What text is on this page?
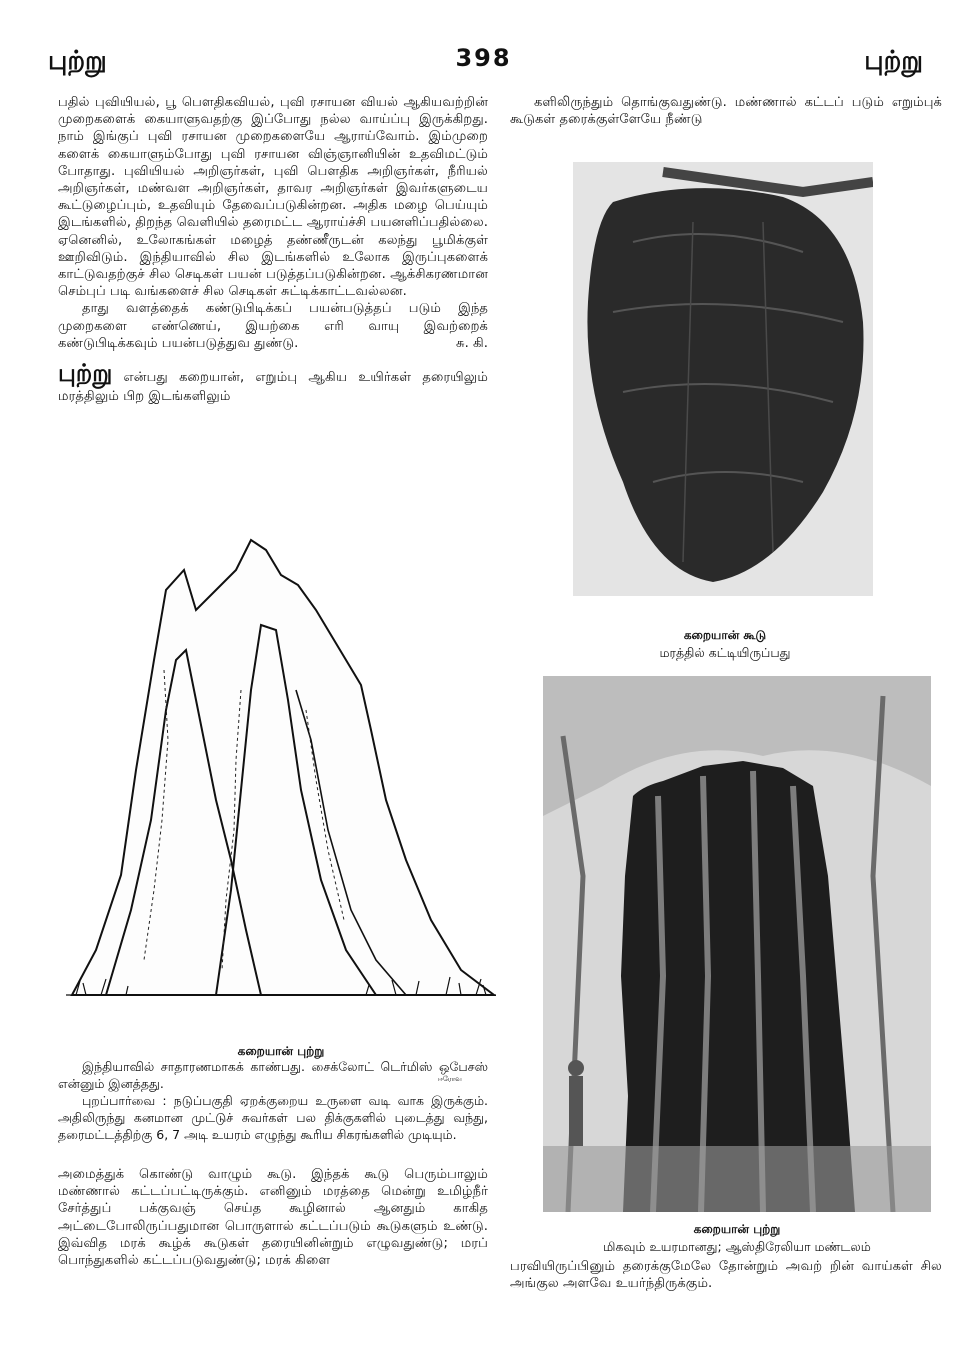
புற்று	398	புற்று

பதில் புவியியல், பூ பௌதிகவியல், புவி ரசாயன வியல் ஆகியவற்றின் முறைகளைக் கையாளுவதற்கு இப்போது நல்ல வாய்ப்பு இருக்கிறது. நாம் இங்குப் புவி ரசாயன முறைகளையே ஆராய்வோம். இம்முறை களைக் கையாளும்போது புவி ரசாயன விஞ்ஞானியின் உதவிமட்டும் போதாது. புவியியல் அறிஞர்கள், புவி பௌதிக அறிஞர்கள், நீரியல் அறிஞர்கள், மண்வள அறிஞர்கள், தாவர அறிஞர்கள் இவர்களுடைய கூட்டுழைப்பும், உதவியும் தேவைப்படுகின்றன. அதிக மழை பெய்யும் இடங்களில், திறந்த வெளியில் தரைமட்ட ஆராய்ச்சி பயனளிப்பதில்லை. ஏனெனில், உலோகங்கள் மழைத் தண்ணீருடன் கலந்து பூமிக்குள் ஊறிவிடும். இந்தியாவில் சில இடங்களில் உலோக இருப்புகளைக் காட்டுவதற்குச் சில செடிகள் பயன் படுத்தப்படுகின்றன. ஆக்சிகரணமான செம்புப் படி வங்களைச் சில செடிகள் சுட்டிக்காட்டவல்லன.

தாது வளத்தைக் கண்டுபிடிக்கப் பயன்படுத்தப் படும் இந்த முறைகளை எண்ணெய், இயற்கை எரி வாயு இவற்றைக் கண்டுபிடிக்கவும் பயன்படுத்துவ துண்டு.	சு. கி.

புற்று என்பது கறையான், எறும்பு ஆகிய உயிர்கள் தரையிலும் மரத்திலும் பிற இடங்களிலும்

கறையான் புற்று

இந்தியாவில் சாதாரணமாகக் காண்பது. சைக்லோட் டெர்மிஸ் ஒபேசஸ் என்னும் இனத்தது.

புறப்பார்வை : நடுப்பகுதி ஏறக்குறைய உருளை வடி வாக இருக்கும். அதிலிருந்து கனமான முட்டுச் சுவர்கள் பல திக்குகளில் புடைத்து வந்து, தரைமட்டத்திற்கு 6, 7 அடி உயரம் எழுந்து கூரிய சிகரங்களில் முடியும்.

ஈரோவ

அமைத்துக் கொண்டு வாழும் கூடு. இந்தக் கூடு பெரும்பாலும் மண்ணால் கட்டப்பட்டிருக்கும். எனினும் மரத்தை மென்று உமிழ்நீர் சேர்த்துப் பக்குவஞ் செய்த கூழினால் ஆனதும் காகித அட்டைபோலிருப்பதுமான பொருளால் கட்டப்படும் கூடுகளும் உண்டு. இவ்வித மரக் கூழ்க் கூடுகள் தரையினின்றும் எழுவதுண்டு; மரப் பொந்துகளில் கட்டப்படுவதுண்டு; மரக் கிளை

களிலிருந்தும் தொங்குவதுண்டு. மண்ணால் கட்டப் படும் எறும்புக் கூடுகள் தரைக்குள்ளேயே நீண்டு

கறையான் கூடு
மரத்தில் கட்டியிருப்பது
கறையான் புற்று
மிகவும் உயரமானது; ஆஸ்திரேலியா மண்டலம்

பரவியிருப்பினும் தரைக்குமேலே தோன்றும் அவற் றின் வாய்கள் சில அங்குல அளவே உயர்ந்திருக்கும்.
